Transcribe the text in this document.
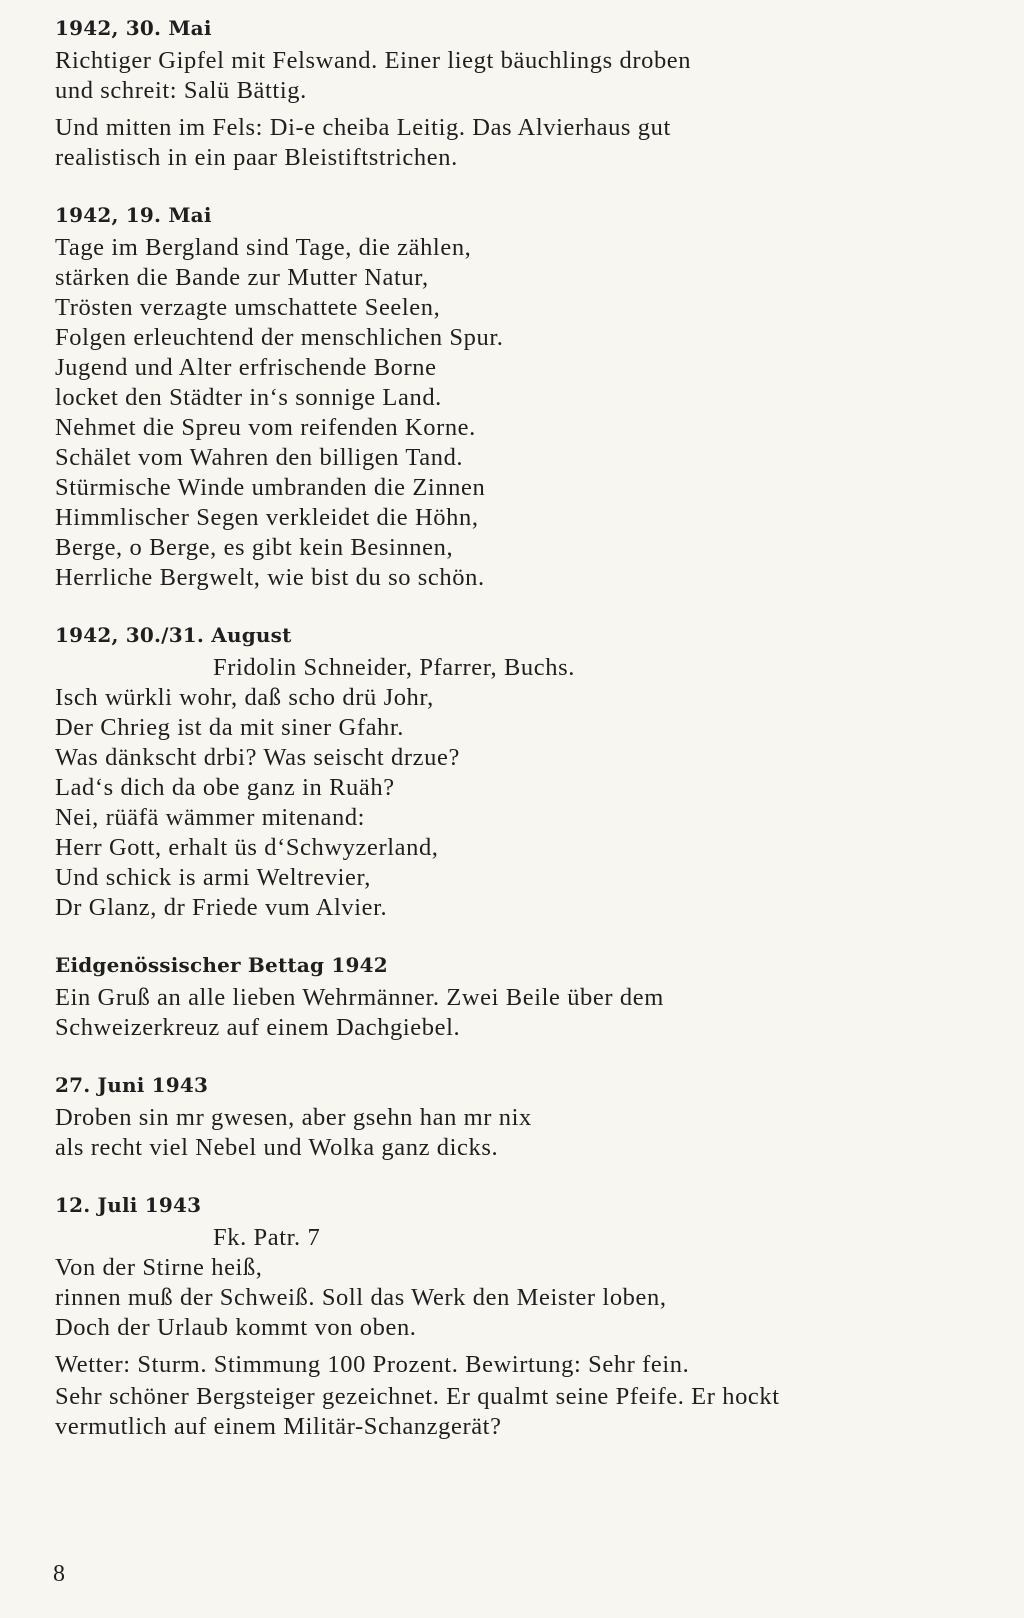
1942, 30. Mai
Richtiger Gipfel mit Felswand. Einer liegt bäuchlings droben
und schreit: Salü Bättig.
Und mitten im Fels: Di-e cheiba Leitig. Das Alvierhaus gut
realistisch in ein paar Bleistiftstrichen.
1942, 19. Mai
Tage im Bergland sind Tage, die zählen,
stärken die Bande zur Mutter Natur,
Trösten verzagte umschattete Seelen,
Folgen erleuchtend der menschlichen Spur.
Jugend und Alter erfrischende Borne
locket den Städter in‘s sonnige Land.
Nehmet die Spreu vom reifenden Korne.
Schälet vom Wahren den billigen Tand.
Stürmische Winde umbranden die Zinnen
Himmlischer Segen verkleidet die Höhn,
Berge, o Berge, es gibt kein Besinnen,
Herrliche Bergwelt, wie bist du so schön.
1942, 30./31. August
Fridolin Schneider, Pfarrer, Buchs.
Isch würkli wohr, daß scho drü Johr,
Der Chrieg ist da mit siner Gfahr.
Was dänkscht drbi? Was seischt drzue?
Lad‘s dich da obe ganz in Ruäh?
Nei, rüäfä wämmer mitenand:
Herr Gott, erhalt üs d‘Schwyzerland,
Und schick is armi Weltrevier,
Dr Glanz, dr Friede vum Alvier.
Eidgenössischer Bettag 1942
Ein Gruß an alle lieben Wehrmänner. Zwei Beile über dem
Schweizerkreuz auf einem Dachgiebel.
27. Juni 1943
Droben sin mr gwesen, aber gsehn han mr nix
als recht viel Nebel und Wolka ganz dicks.
12. Juli 1943
Fk. Patr. 7
Von der Stirne heiß,
rinnen muß der Schweiß. Soll das Werk den Meister loben,
Doch der Urlaub kommt von oben.
Wetter: Sturm. Stimmung 100 Prozent. Bewirtung: Sehr fein.
Sehr schöner Bergsteiger gezeichnet. Er qualmt seine Pfeife. Er hockt
vermutlich auf einem Militär-Schanzgerät?
8
